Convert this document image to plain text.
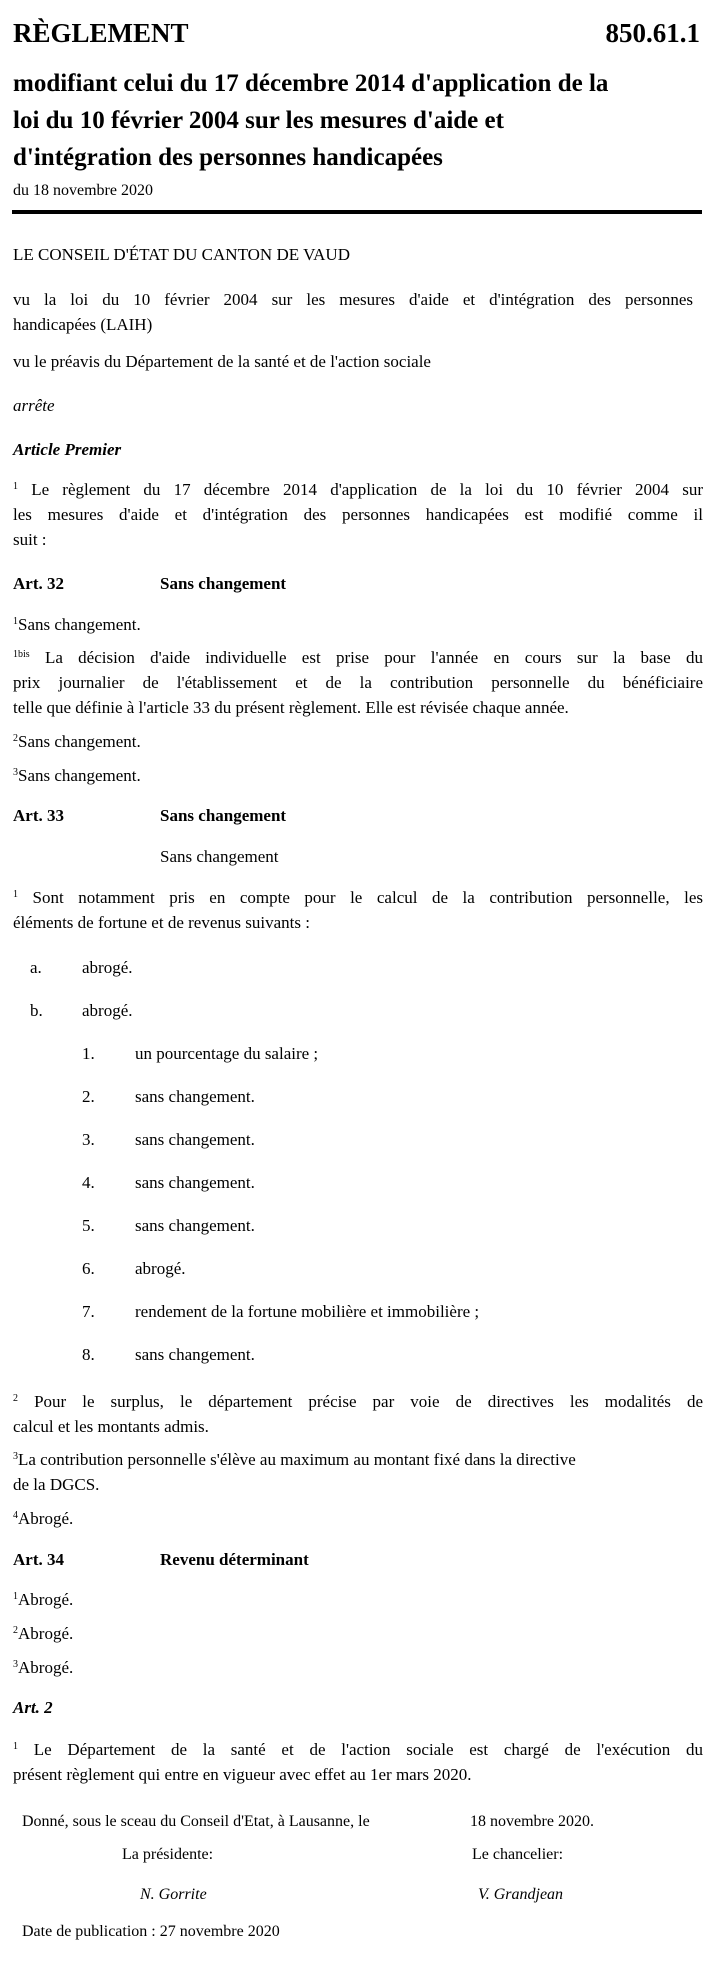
RÈGLEMENT	850.61.1
modifiant celui du 17 décembre 2014 d'application de la
loi du 10 février 2004 sur les mesures d'aide et
d'intégration des personnes handicapées
du 18 novembre 2020
LE CONSEIL D'ÉTAT DU CANTON DE VAUD
vu la loi du 10 février 2004 sur les mesures d'aide et d'intégration des personnes
handicapées (LAIH)
vu le préavis du Département de la santé et de l'action sociale
arrête
Article Premier
$^1$ Le règlement du 17 décembre 2014 d'application de la loi du 10 février 2004 sur
les mesures d'aide et d'intégration des personnes handicapées est modifié comme il
suit :
Art. 32	Sans changement
$^1$Sans changement.
$^{1bis}$ La décision d'aide individuelle est prise pour l'année en cours sur la base du
prix journalier de l'établissement et de la contribution personnelle du bénéficiaire
telle que définie à l'article 33 du présent règlement. Elle est révisée chaque année.
$^2$Sans changement.
$^3$Sans changement.
Art. 33	Sans changement
Sans changement
$^1$ Sont notamment pris en compte pour le calcul de la contribution personnelle, les
éléments de fortune et de revenus suivants :
a. abrogé.
b. abrogé.
1. un pourcentage du salaire ;
2. sans changement.
3. sans changement.
4. sans changement.
5. sans changement.
6. abrogé.
7. rendement de la fortune mobilière et immobilière ;
8. sans changement.
$^2$ Pour le surplus, le département précise par voie de directives les modalités de
calcul et les montants admis.
$^3$La contribution personnelle s'élève au maximum au montant fixé dans la directive
de la DGCS.
$^4$Abrogé.
Art. 34	Revenu déterminant
$^1$Abrogé.
$^2$Abrogé.
$^3$Abrogé.
Art. 2
$^1$ Le Département de la santé et de l'action sociale est chargé de l'exécution du
présent règlement qui entre en vigueur avec effet au 1er mars 2020.
Donné, sous le sceau du Conseil d'Etat, à Lausanne, le	18 novembre 2020.
La présidente:	Le chancelier:
N. Gorrite	V. Grandjean
Date de publication : 27 novembre 2020
